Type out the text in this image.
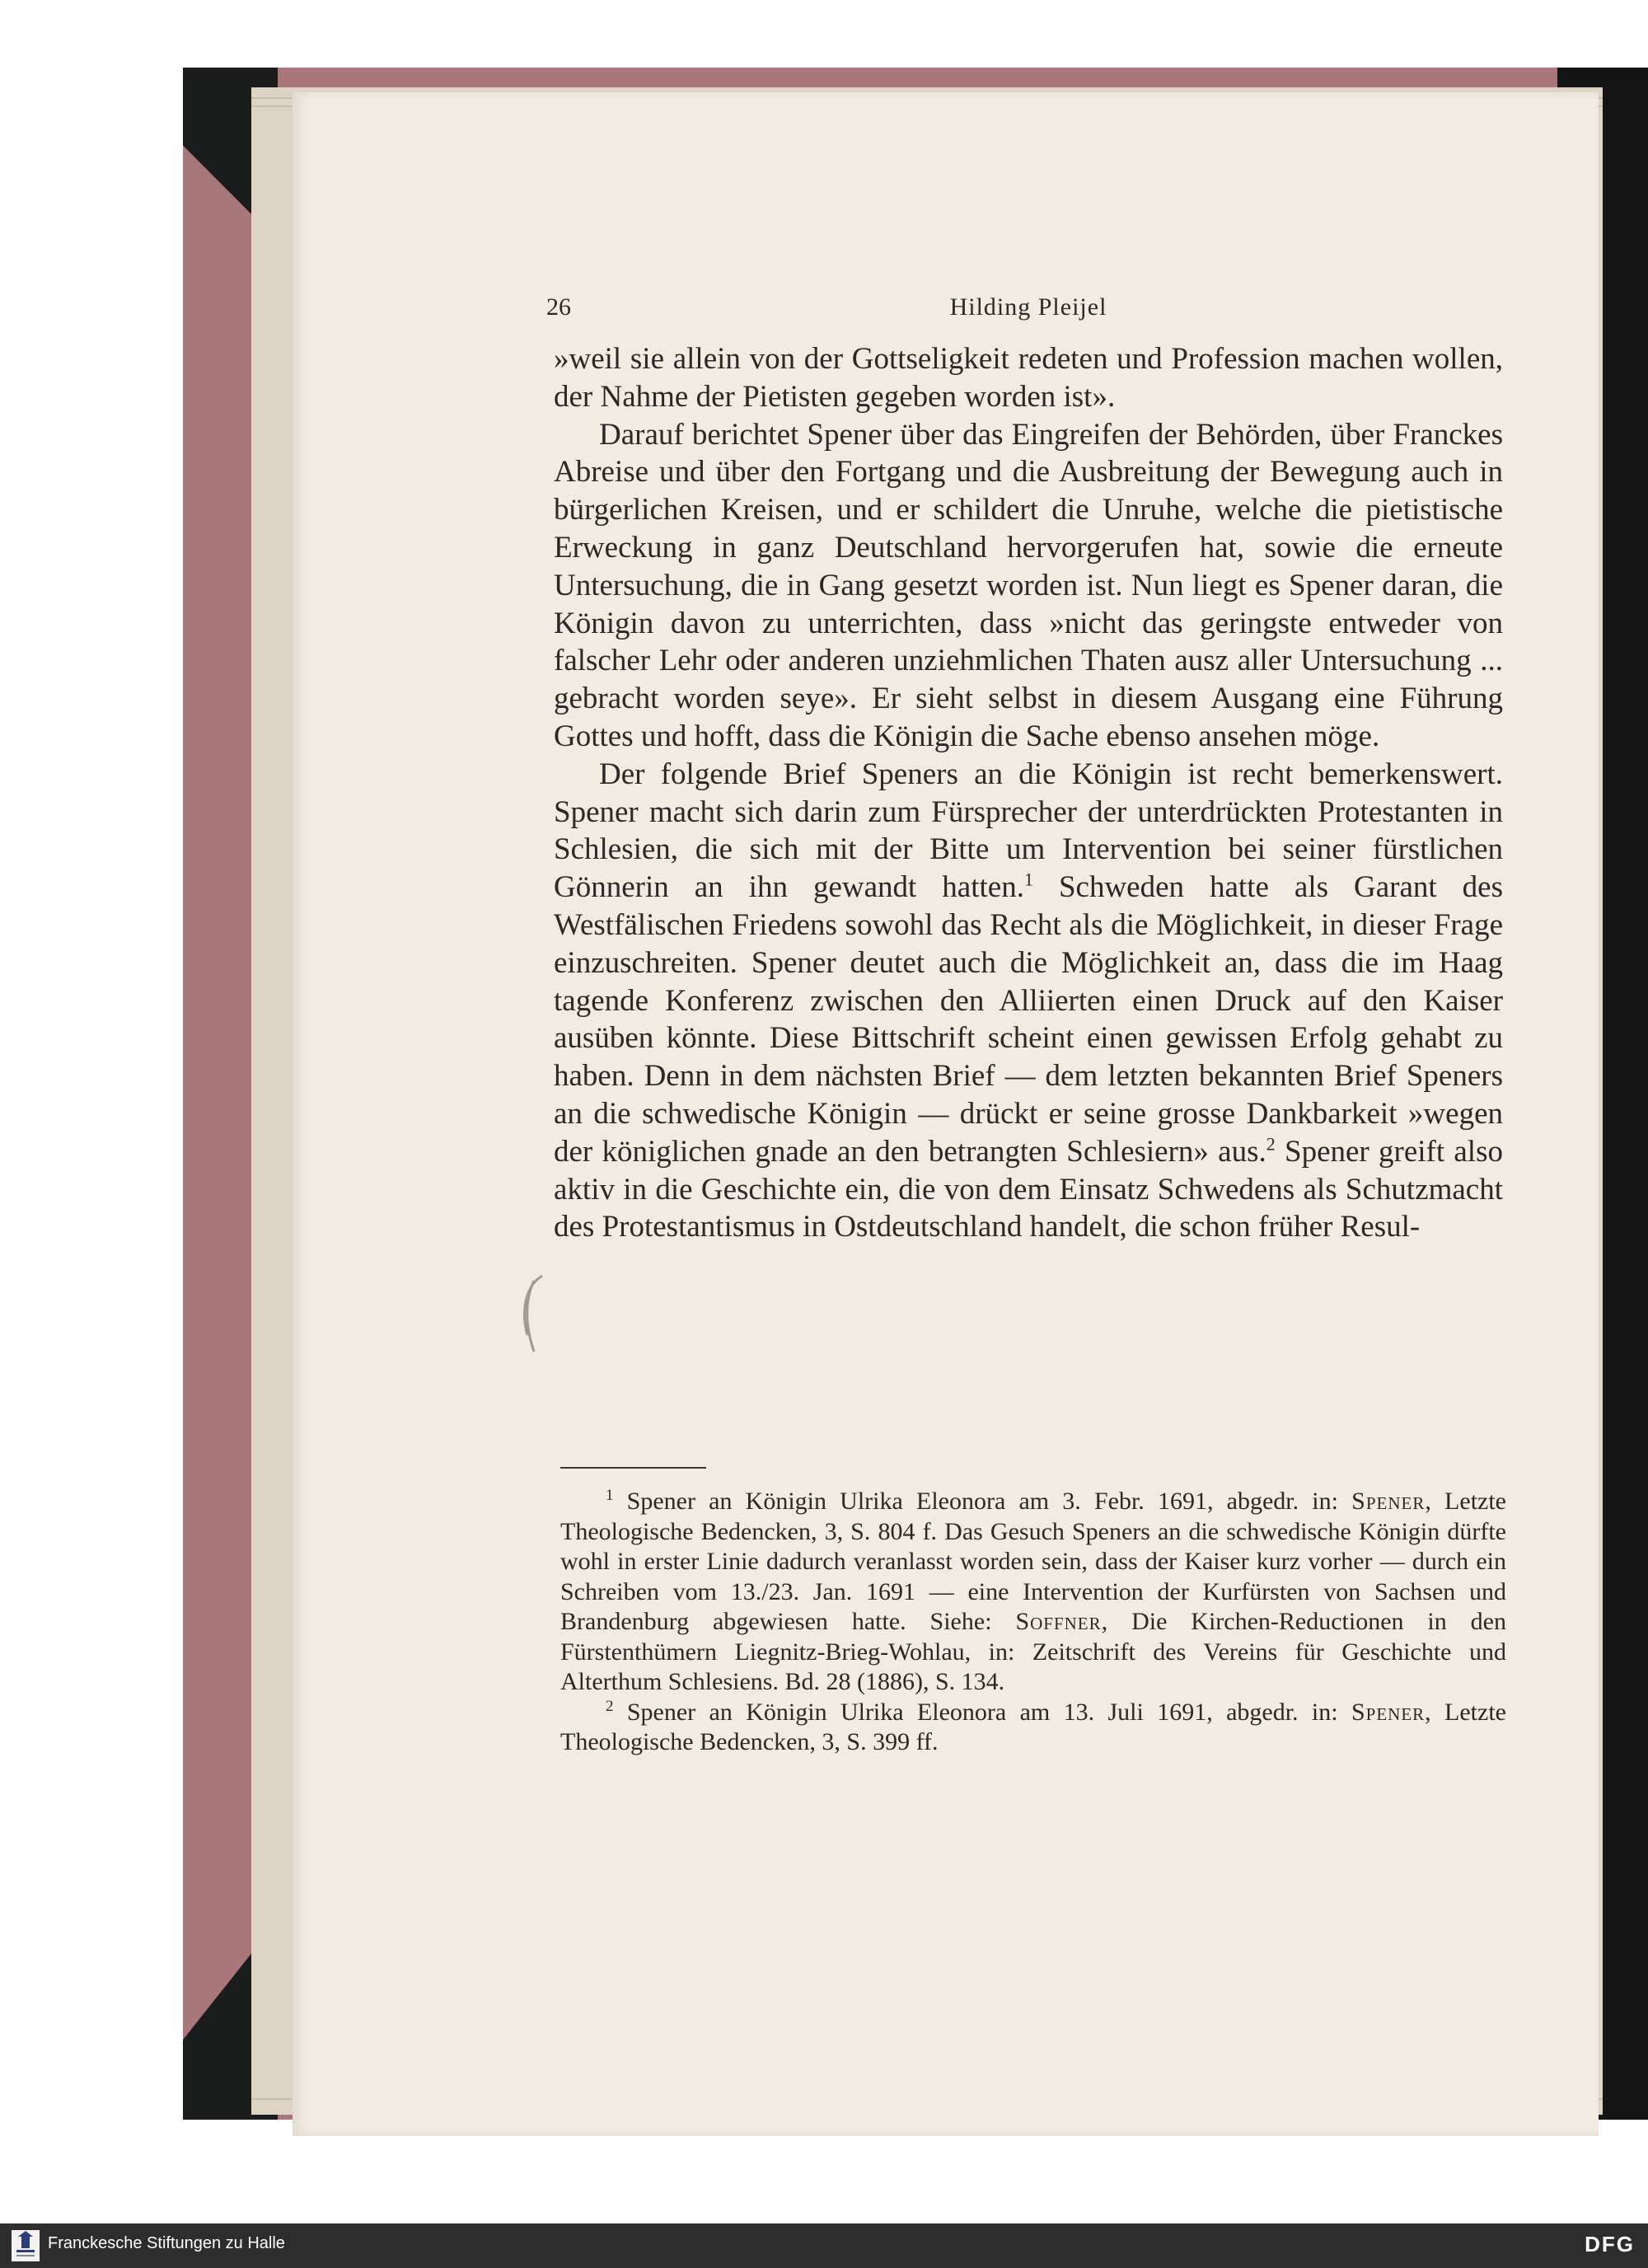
26	Hilding Pleijel

»weil sie allein von der Gottseligkeit redeten und Profession machen wollen, der Nahme der Pietisten gegeben worden ist».

Darauf berichtet Spener über das Eingreifen der Behörden, über Franckes Abreise und über den Fortgang und die Ausbreitung der Bewegung auch in bürgerlichen Kreisen, und er schildert die Unruhe, welche die pietistische Erweckung in ganz Deutschland hervorgerufen hat, sowie die erneute Untersuchung, die in Gang gesetzt worden ist. Nun liegt es Spener daran, die Königin davon zu unterrichten, dass »nicht das geringste entweder von falscher Lehr oder anderen unziehmlichen Thaten ausz aller Untersuchung ... gebracht worden seye». Er sieht selbst in diesem Ausgang eine Führung Gottes und hofft, dass die Königin die Sache ebenso ansehen möge.

Der folgende Brief Speners an die Königin ist recht bemerkenswert. Spener macht sich darin zum Fürsprecher der unterdrückten Protestanten in Schlesien, die sich mit der Bitte um Intervention bei seiner fürstlichen Gönnerin an ihn gewandt hatten.$^1$ Schweden hatte als Garant des Westfälischen Friedens sowohl das Recht als die Möglichkeit, in dieser Frage einzuschreiten. Spener deutet auch die Möglichkeit an, dass die im Haag tagende Konferenz zwischen den Alliierten einen Druck auf den Kaiser ausüben könnte. Diese Bittschrift scheint einen gewissen Erfolg gehabt zu haben. Denn in dem nächsten Brief — dem letzten bekannten Brief Speners an die schwedische Königin — drückt er seine grosse Dankbarkeit »wegen der königlichen gnade an den betrangten Schlesiern» aus.$^2$ Spener greift also aktiv in die Geschichte ein, die von dem Einsatz Schwedens als Schutzmacht des Protestantismus in Ostdeutschland handelt, die schon früher Resul-

$^1$ Spener an Königin Ulrika Eleonora am 3. Febr. 1691, abgedr. in: Spener, Letzte Theologische Bedencken, 3, S. 804 f. Das Gesuch Speners an die schwedische Königin dürfte wohl in erster Linie dadurch veranlasst worden sein, dass der Kaiser kurz vorher — durch ein Schreiben vom 13./23. Jan. 1691 — eine Intervention der Kurfürsten von Sachsen und Brandenburg abgewiesen hatte. Siehe: Soffner, Die Kirchen-Reductionen in den Fürstenthümern Liegnitz-Brieg-Wohlau, in: Zeitschrift des Vereins für Geschichte und Alterthum Schlesiens. Bd. 28 (1886), S. 134.

$^2$ Spener an Königin Ulrika Eleonora am 13. Juli 1691, abgedr. in: Spener, Letzte Theologische Bedencken, 3, S. 399 ff.

Franckesche Stiftungen zu Halle	DFG
